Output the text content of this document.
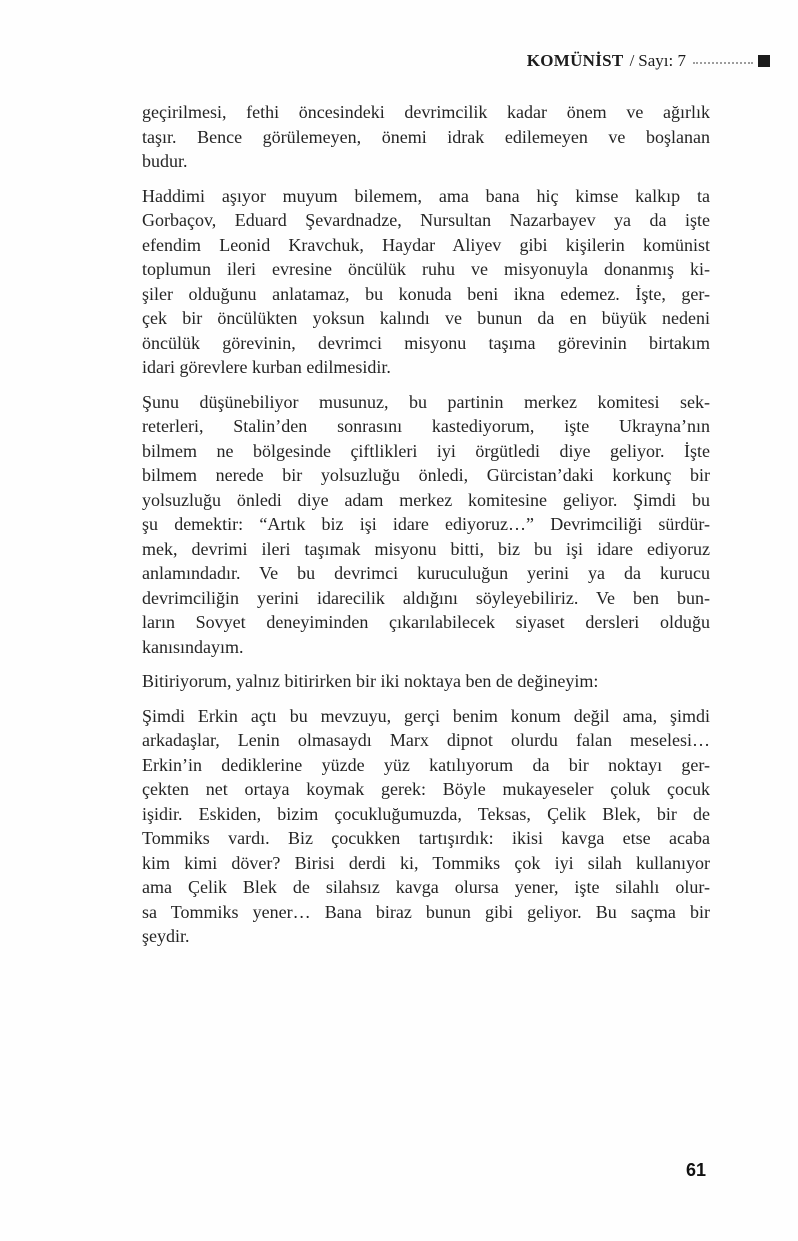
KOMÜNİST / Sayı: 7

geçirilmesi, fethi öncesindeki devrimcilik kadar önem ve ağırlık
taşır. Bence görülemeyen, önemi idrak edilemeyen ve boşlanan
budur.

Haddimi aşıyor muyum bilemem, ama bana hiç kimse kalkıp ta
Gorbaçov, Eduard Şevardnadze, Nursultan Nazarbayev ya da işte
efendim Leonid Kravchuk, Haydar Aliyev gibi kişilerin komünist
toplumun ileri evresine öncülük ruhu ve misyonuyla donanmış ki-
şiler olduğunu anlatamaz, bu konuda beni ikna edemez. İşte, ger-
çek bir öncülükten yoksun kalındı ve bunun da en büyük nedeni
öncülük görevinin, devrimci misyonu taşıma görevinin birtakım
idari görevlere kurban edilmesidir.

Şunu düşünebiliyor musunuz, bu partinin merkez komitesi sek-
reterleri, Stalin’den sonrasını kastediyorum, işte Ukrayna’nın
bilmem ne bölgesinde çiftlikleri iyi örgütledi diye geliyor. İşte
bilmem nerede bir yolsuzluğu önledi, Gürcistan’daki korkunç bir
yolsuzluğu önledi diye adam merkez komitesine geliyor. Şimdi bu
şu demektir: “Artık biz işi idare ediyoruz…” Devrimciliği sürdür-
mek, devrimi ileri taşımak misyonu bitti, biz bu işi idare ediyoruz
anlamındadır. Ve bu devrimci kuruculuğun yerini ya da kurucu
devrimciliğin yerini idarecilik aldığını söyleyebiliriz. Ve ben bun-
ların Sovyet deneyiminden çıkarılabilecek siyaset dersleri olduğu
kanısındayım.

Bitiriyorum, yalnız bitirirken bir iki noktaya ben de değineyim:

Şimdi Erkin açtı bu mevzuyu, gerçi benim konum değil ama, şimdi
arkadaşlar, Lenin olmasaydı Marx dipnot olurdu falan meselesi…
Erkin’in dediklerine yüzde yüz katılıyorum da bir noktayı ger-
çekten net ortaya koymak gerek: Böyle mukayeseler çoluk çocuk
işidir. Eskiden, bizim çocukluğumuzda, Teksas, Çelik Blek, bir de
Tommiks vardı. Biz çocukken tartışırdık: ikisi kavga etse acaba
kim kimi döver? Birisi derdi ki, Tommiks çok iyi silah kullanıyor
ama Çelik Blek de silahsız kavga olursa yener, işte silahlı olur-
sa Tommiks yener… Bana biraz bunun gibi geliyor. Bu saçma bir
şeydir.

61
